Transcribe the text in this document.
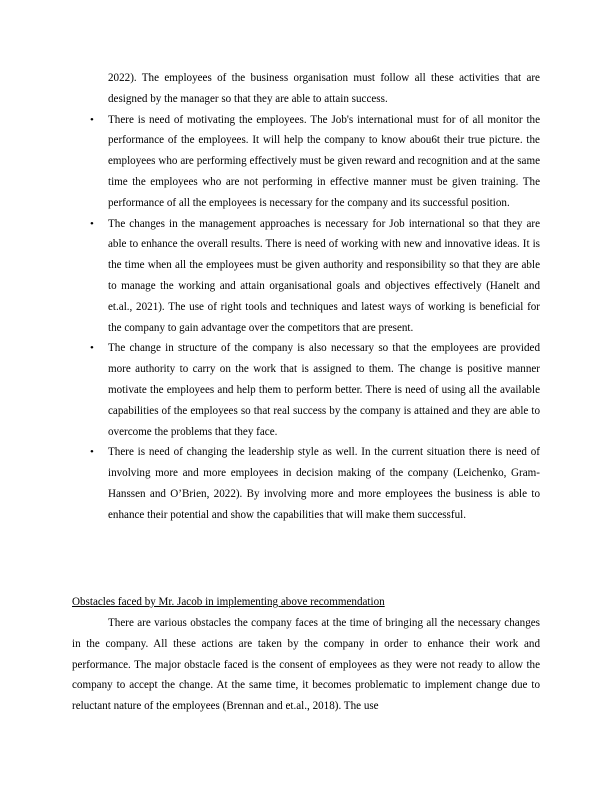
2022). The employees of the business organisation must follow all these activities that are designed by the manager so that they are able to attain success.

• There is need of motivating the employees. The Job's international must for of all monitor the performance of the employees. It will help the company to know abou6t their true picture. the employees who are performing effectively must be given reward and recognition and at the same time the employees who are not performing in effective manner must be given training. The performance of all the employees is necessary for the company and its successful position.
• The changes in the management approaches is necessary for Job international so that they are able to enhance the overall results. There is need of working with new and innovative ideas. It is the time when all the employees must be given authority and responsibility so that they are able to manage the working and attain organisational goals and objectives effectively (Hanelt and et.al., 2021). The use of right tools and techniques and latest ways of working is beneficial for the company to gain advantage over the competitors that are present.
• The change in structure of the company is also necessary so that the employees are provided more authority to carry on the work that is assigned to them. The change is positive manner motivate the employees and help them to perform better. There is need of using all the available capabilities of the employees so that real success by the company is attained and they are able to overcome the problems that they face.
• There is need of changing the leadership style as well. In the current situation there is need of involving more and more employees in decision making of the company (Leichenko, Gram-Hanssen and O’Brien, 2022). By involving more and more employees the business is able to enhance their potential and show the capabilities that will make them successful.
Obstacles faced by Mr. Jacob in implementing above recommendation

There are various obstacles the company faces at the time of bringing all the necessary changes in the company. All these actions are taken by the company in order to enhance their work and performance. The major obstacle faced is the consent of employees as they were not ready to allow the company to accept the change. At the same time, it becomes problematic to implement change due to reluctant nature of the employees (Brennan and et.al., 2018). The use
